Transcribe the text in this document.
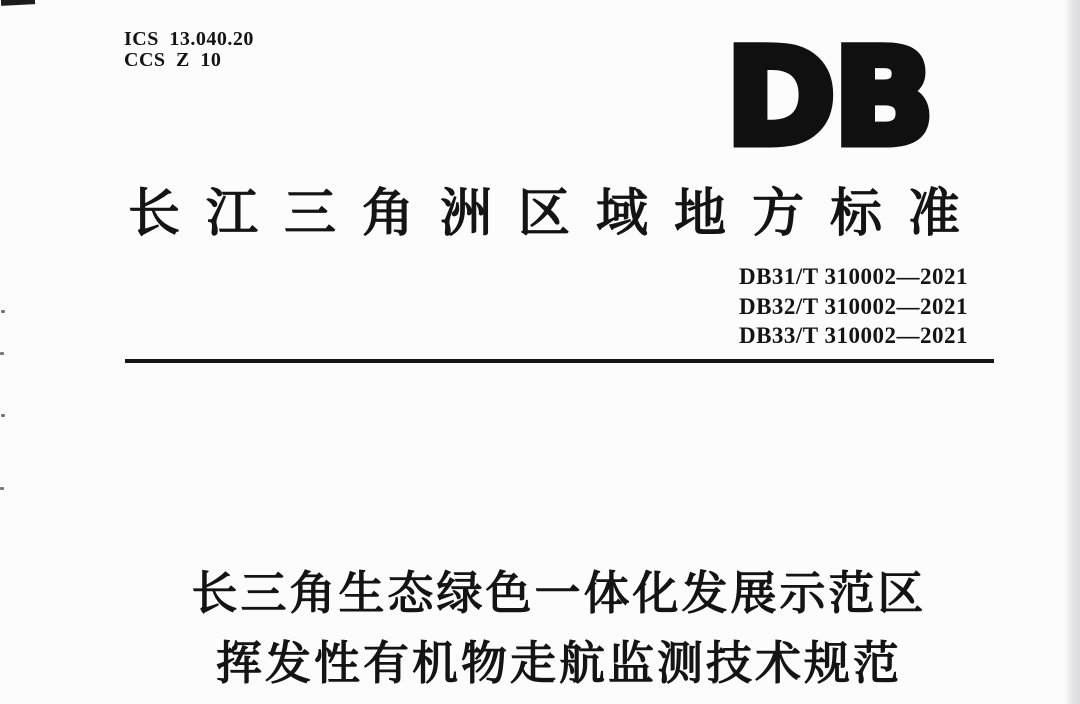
ICS 13.040.20
CCS Z 10	DB
长江三角洲区域地方标准
DB31/T 310002—2021
DB32/T 310002—2021
DB33/T 310002—2021
长三角生态绿色一体化发展示范区
挥发性有机物走航监测技术规范
